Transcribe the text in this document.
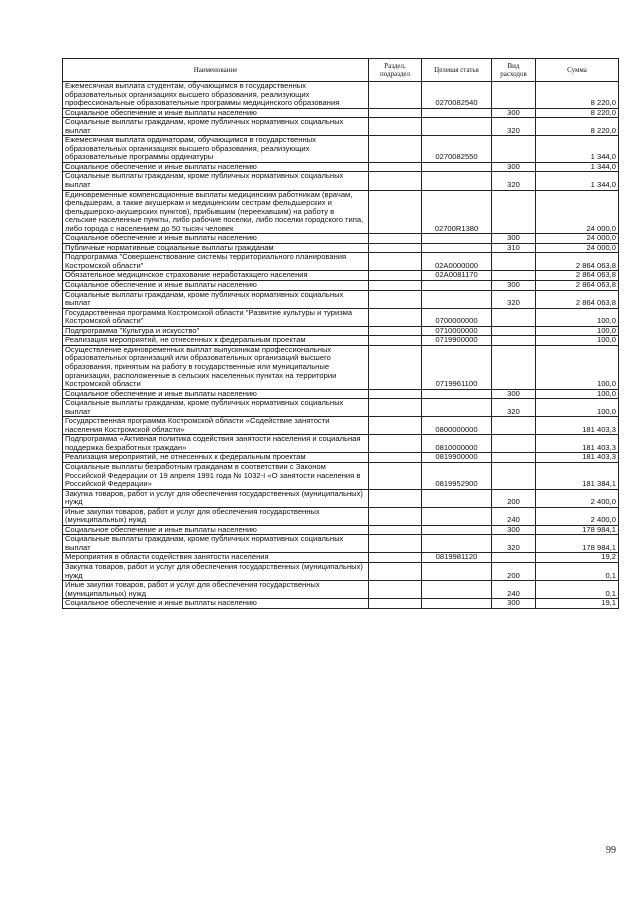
Наименование	Раздел, подраздел	Целевая статья	Вид расходов	Сумма
Ежемесячная выплата студентам, обучающимся в государственных образовательных организациях высшего образования, реализующих профессиональные образовательные программы медицинского образования		0270082540		8 220,0
Социальное обеспечение и иные выплаты населению			300	8 220,0
Социальные выплаты гражданам, кроме публичных нормативных социальных выплат			320	8 220,0
Ежемесячная выплата ординаторам, обучающимся в государственных образовательных организациях высшего образования, реализующих образовательные программы ординатуры		0270082550		1 344,0
Социальное обеспечение и иные выплаты населению			300	1 344,0
Социальные выплаты гражданам, кроме публичных нормативных социальных выплат			320	1 344,0
Единовременные компенсационные выплаты медицинским работникам (врачам, фельдшерам, а также акушеркам и медицинским сестрам фельдшерских и фельдшерско-акушерских пунктов), прибывшим (переехавшим) на работу в сельские населенные пункты, либо рабочие поселки, либо поселки городского типа, либо города с населением до 50 тысяч человек		02700R1380		24 000,0
Социальное обеспечение и иные выплаты населению			300	24 000,0
Публичные нормативные социальные выплаты гражданам			310	24 000,0
Подпрограмма "Совершенствование системы территориального планирования Костромской области"		02А0000000		2 864 063,8
Обязательное медицинское страхование неработающего населения		02А0081170		2 864 063,8
Социальное обеспечение и иные выплаты населению			300	2 864 063,8
Социальные выплаты гражданам, кроме публичных нормативных социальных выплат			320	2 864 063,8
Государственная программа Костромской области "Развитие культуры и туризма Костромской области"		0700000000		100,0
Подпрограмма "Культура и искусство"		0710000000		100,0
Реализация мероприятий, не отнесенных к федеральным проектам		0719900000		100,0
Осуществление единовременных выплат выпускникам профессиональных образовательных организаций или образовательных организаций высшего образования, принятым на работу в государственные или муниципальные организации, расположенные в сельских населенных пунктах на территории Костромской области		0719961100		100,0
Социальное обеспечение и иные выплаты населению			300	100,0
Социальные выплаты гражданам, кроме публичных нормативных социальных выплат			320	100,0
Государственная программа Костромской области «Содействие занятости населения Костромской области»		0800000000		181 403,3
Подпрограмма «Активная политика содействия занятости населения и социальная поддержка безработных граждан»		0810000000		181 403,3
Реализация мероприятий, не отнесенных к федеральным проектам		0819900000		181 403,3
Социальные выплаты безработным гражданам в соответствии с Законом Российской Федерации от 19 апреля 1991 года № 1032-I «О занятости населения в Российской Федерации»		0819952900		181 384,1
Закупка товаров, работ и услуг для обеспечения государственных (муниципальных) нужд			200	2 400,0
Иные закупки товаров, работ и услуг для обеспечения государственных (муниципальных) нужд			240	2 400,0
Социальное обеспечение и иные выплаты населению			300	178 984,1
Социальные выплаты гражданам, кроме публичных нормативных социальных выплат			320	178 984,1
Мероприятия в области содействия занятости населения		0819981120		19,2
Закупка товаров, работ и услуг для обеспечения государственных (муниципальных) нужд			200	0,1
Иные закупки товаров, работ и услуг для обеспечения государственных (муниципальных) нужд			240	0,1
Социальное обеспечение и иные выплаты населению			300	19,1
99
